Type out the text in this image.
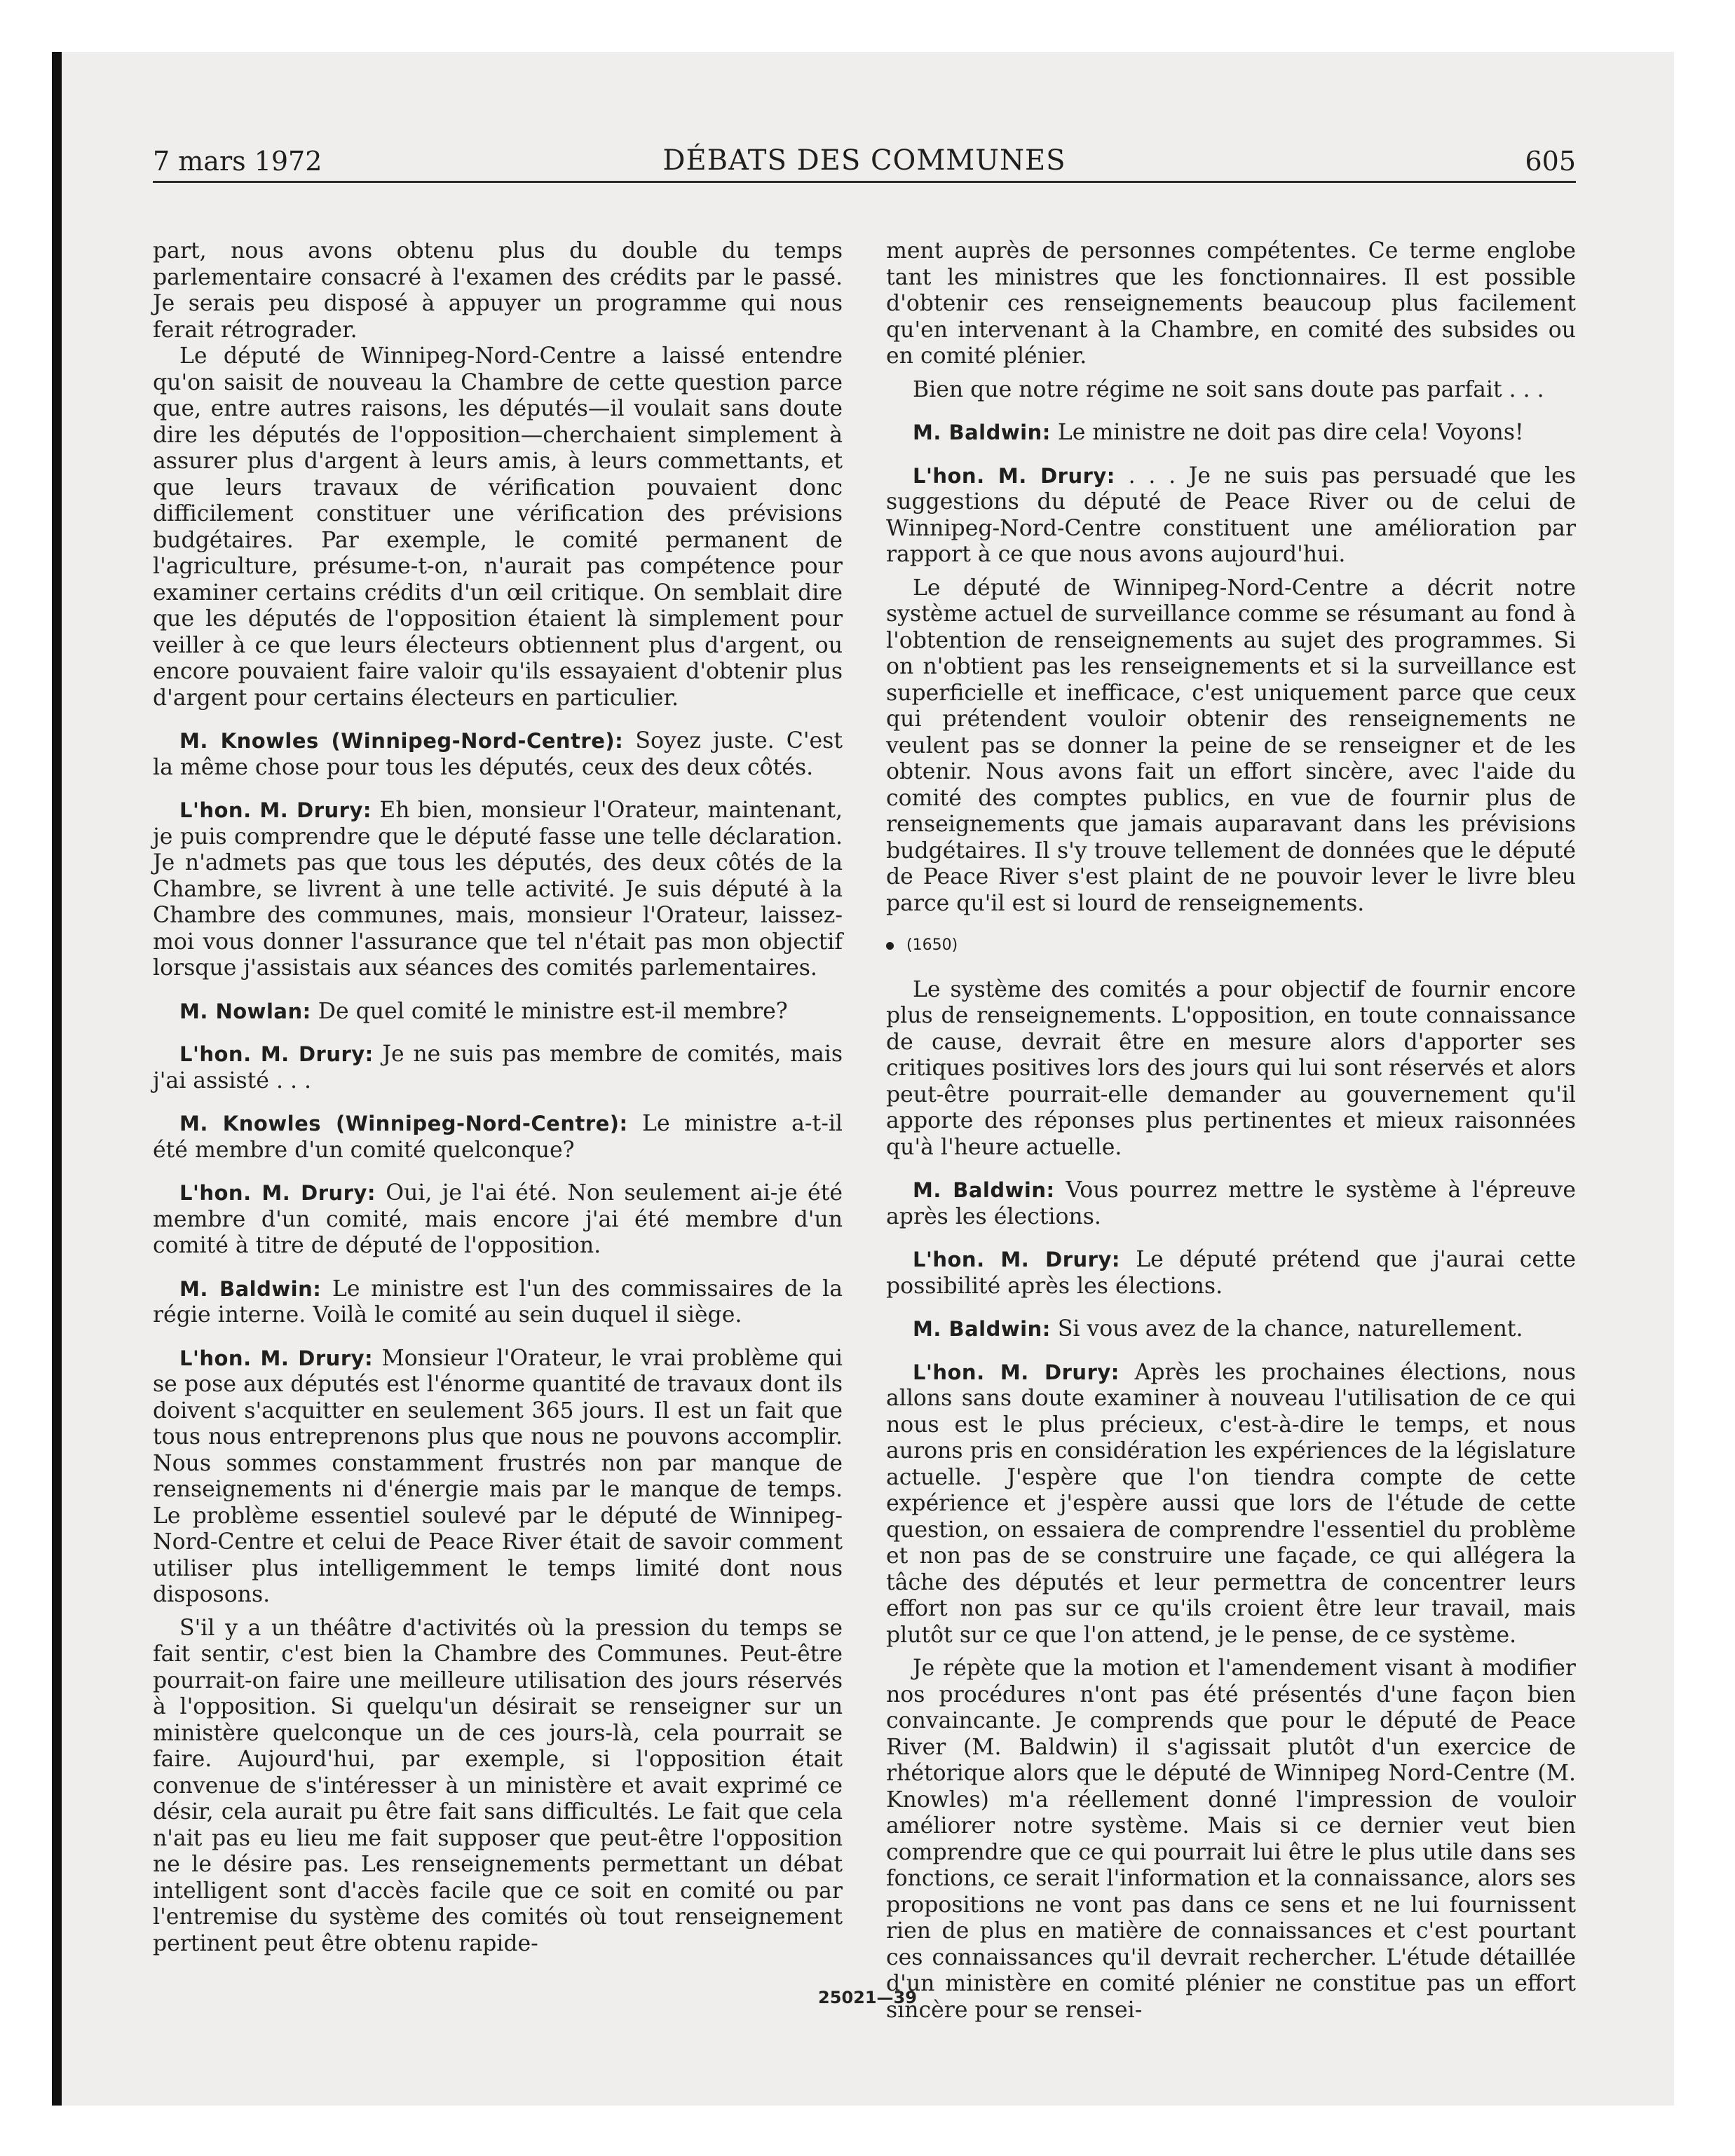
7 mars 1972	DÉBATS DES COMMUNES	605

part, nous avons obtenu plus du double du temps parlementaire consacré à l'examen des crédits par le passé. Je serais peu disposé à appuyer un programme qui nous ferait rétrograder.

Le député de Winnipeg-Nord-Centre a laissé entendre qu'on saisit de nouveau la Chambre de cette question parce que, entre autres raisons, les députés—il voulait sans doute dire les députés de l'opposition—cherchaient simplement à assurer plus d'argent à leurs amis, à leurs commettants, et que leurs travaux de vérification pouvaient donc difficilement constituer une vérification des prévisions budgétaires. Par exemple, le comité permanent de l'agriculture, présume-t-on, n'aurait pas compétence pour examiner certains crédits d'un œil critique. On semblait dire que les députés de l'opposition étaient là simplement pour veiller à ce que leurs électeurs obtiennent plus d'argent, ou encore pouvaient faire valoir qu'ils essayaient d'obtenir plus d'argent pour certains électeurs en particulier.

M. Knowles (Winnipeg-Nord-Centre): Soyez juste. C'est la même chose pour tous les députés, ceux des deux côtés.

L'hon. M. Drury: Eh bien, monsieur l'Orateur, maintenant, je puis comprendre que le député fasse une telle déclaration. Je n'admets pas que tous les députés, des deux côtés de la Chambre, se livrent à une telle activité. Je suis député à la Chambre des communes, mais, monsieur l'Orateur, laissez-moi vous donner l'assurance que tel n'était pas mon objectif lorsque j'assistais aux séances des comités parlementaires.

M. Nowlan: De quel comité le ministre est-il membre?

L'hon. M. Drury: Je ne suis pas membre de comités, mais j'ai assisté . . .

M. Knowles (Winnipeg-Nord-Centre): Le ministre a-t-il été membre d'un comité quelconque?

L'hon. M. Drury: Oui, je l'ai été. Non seulement ai-je été membre d'un comité, mais encore j'ai été membre d'un comité à titre de député de l'opposition.

M. Baldwin: Le ministre est l'un des commissaires de la régie interne. Voilà le comité au sein duquel il siège.

L'hon. M. Drury: Monsieur l'Orateur, le vrai problème qui se pose aux députés est l'énorme quantité de travaux dont ils doivent s'acquitter en seulement 365 jours. Il est un fait que tous nous entreprenons plus que nous ne pouvons accomplir. Nous sommes constamment frustrés non par manque de renseignements ni d'énergie mais par le manque de temps. Le problème essentiel soulevé par le député de Winnipeg-Nord-Centre et celui de Peace River était de savoir comment utiliser plus intelligemment le temps limité dont nous disposons.

S'il y a un théâtre d'activités où la pression du temps se fait sentir, c'est bien la Chambre des Communes. Peut-être pourrait-on faire une meilleure utilisation des jours réservés à l'opposition. Si quelqu'un désirait se renseigner sur un ministère quelconque un de ces jours-là, cela pourrait se faire. Aujourd'hui, par exemple, si l'opposition était convenue de s'intéresser à un ministère et avait exprimé ce désir, cela aurait pu être fait sans difficultés. Le fait que cela n'ait pas eu lieu me fait supposer que peut-être l'opposition ne le désire pas. Les renseignements permettant un débat intelligent sont d'accès facile que ce soit en comité ou par l'entremise du système des comités où tout renseignement pertinent peut être obtenu rapide-

ment auprès de personnes compétentes. Ce terme englobe tant les ministres que les fonctionnaires. Il est possible d'obtenir ces renseignements beaucoup plus facilement qu'en intervenant à la Chambre, en comité des subsides ou en comité plénier.

Bien que notre régime ne soit sans doute pas parfait . . .

M. Baldwin: Le ministre ne doit pas dire cela! Voyons!

L'hon. M. Drury: . . . Je ne suis pas persuadé que les suggestions du député de Peace River ou de celui de Winnipeg-Nord-Centre constituent une amélioration par rapport à ce que nous avons aujourd'hui.

Le député de Winnipeg-Nord-Centre a décrit notre système actuel de surveillance comme se résumant au fond à l'obtention de renseignements au sujet des programmes. Si on n'obtient pas les renseignements et si la surveillance est superficielle et inefficace, c'est uniquement parce que ceux qui prétendent vouloir obtenir des renseignements ne veulent pas se donner la peine de se renseigner et de les obtenir. Nous avons fait un effort sincère, avec l'aide du comité des comptes publics, en vue de fournir plus de renseignements que jamais auparavant dans les prévisions budgétaires. Il s'y trouve tellement de données que le député de Peace River s'est plaint de ne pouvoir lever le livre bleu parce qu'il est si lourd de renseignements.

(1650)

Le système des comités a pour objectif de fournir encore plus de renseignements. L'opposition, en toute connaissance de cause, devrait être en mesure alors d'apporter ses critiques positives lors des jours qui lui sont réservés et alors peut-être pourrait-elle demander au gouvernement qu'il apporte des réponses plus pertinentes et mieux raisonnées qu'à l'heure actuelle.

M. Baldwin: Vous pourrez mettre le système à l'épreuve après les élections.

L'hon. M. Drury: Le député prétend que j'aurai cette possibilité après les élections.

M. Baldwin: Si vous avez de la chance, naturellement.

L'hon. M. Drury: Après les prochaines élections, nous allons sans doute examiner à nouveau l'utilisation de ce qui nous est le plus précieux, c'est-à-dire le temps, et nous aurons pris en considération les expériences de la législature actuelle. J'espère que l'on tiendra compte de cette expérience et j'espère aussi que lors de l'étude de cette question, on essaiera de comprendre l'essentiel du problème et non pas de se construire une façade, ce qui allégera la tâche des députés et leur permettra de concentrer leurs effort non pas sur ce qu'ils croient être leur travail, mais plutôt sur ce que l'on attend, je le pense, de ce système.

Je répète que la motion et l'amendement visant à modifier nos procédures n'ont pas été présentés d'une façon bien convaincante. Je comprends que pour le député de Peace River (M. Baldwin) il s'agissait plutôt d'un exercice de rhétorique alors que le député de Winnipeg Nord-Centre (M. Knowles) m'a réellement donné l'impression de vouloir améliorer notre système. Mais si ce dernier veut bien comprendre que ce qui pourrait lui être le plus utile dans ses fonctions, ce serait l'information et la connaissance, alors ses propositions ne vont pas dans ce sens et ne lui fournissent rien de plus en matière de connaissances et c'est pourtant ces connaissances qu'il devrait rechercher. L'étude détaillée d'un ministère en comité plénier ne constitue pas un effort sincère pour se rensei-

25021—39
